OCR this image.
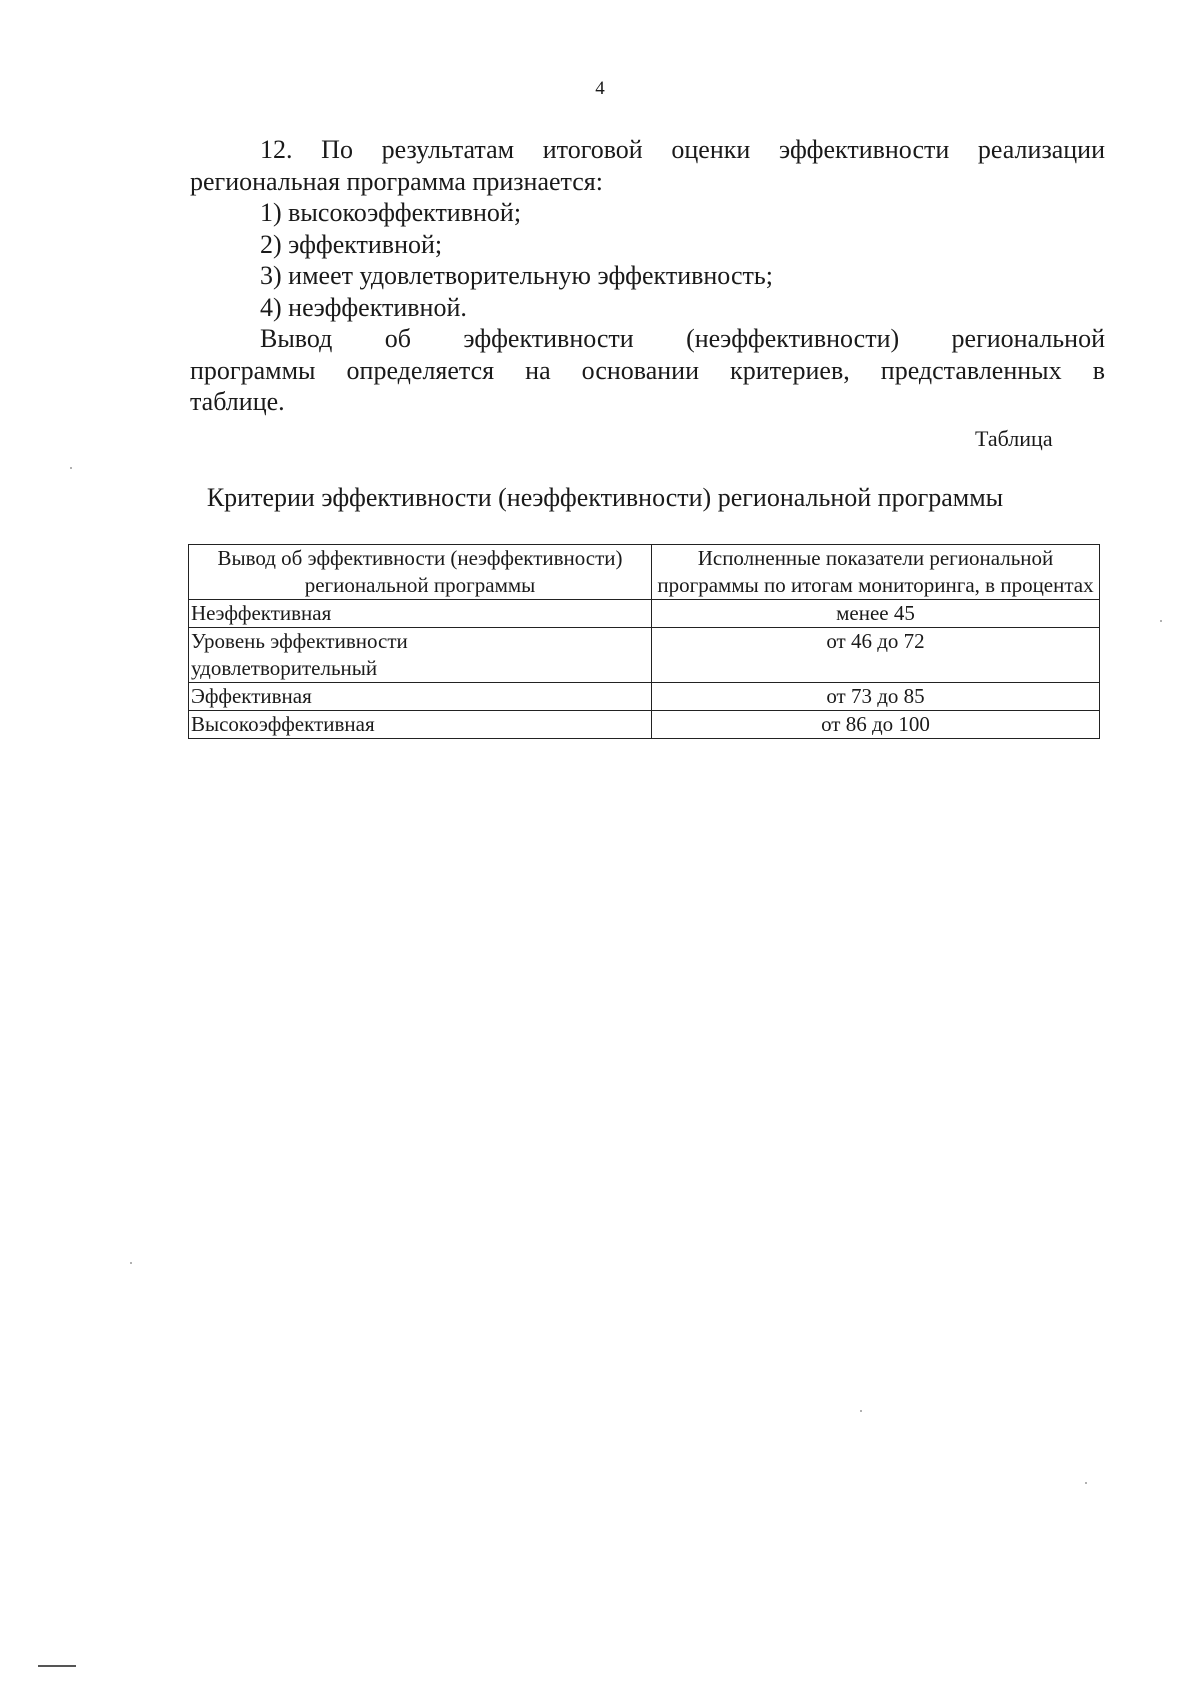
4

12. По результатам итоговой оценки эффективности реализации

региональная программа признается:

1) высокоэффективной;

2) эффективной;

3) имеет удовлетворительную эффективность;

4) неэффективной.

Вывод об эффективности (неэффективности) региональной

программы определяется на основании критериев, представленных в

таблице.

Таблица
Критерии эффективности (неэффективности) региональной программы
Вывод об эффективности (неэффективности) региональной программы	Исполненные показатели региональной программы по итогам мониторинга, в процентах
Неэффективная	менее 45
Уровень эффективности удовлетворительный	от 46 до 72
Эффективная	от 73 до 85
Высокоэффективная	от 86 до 100
